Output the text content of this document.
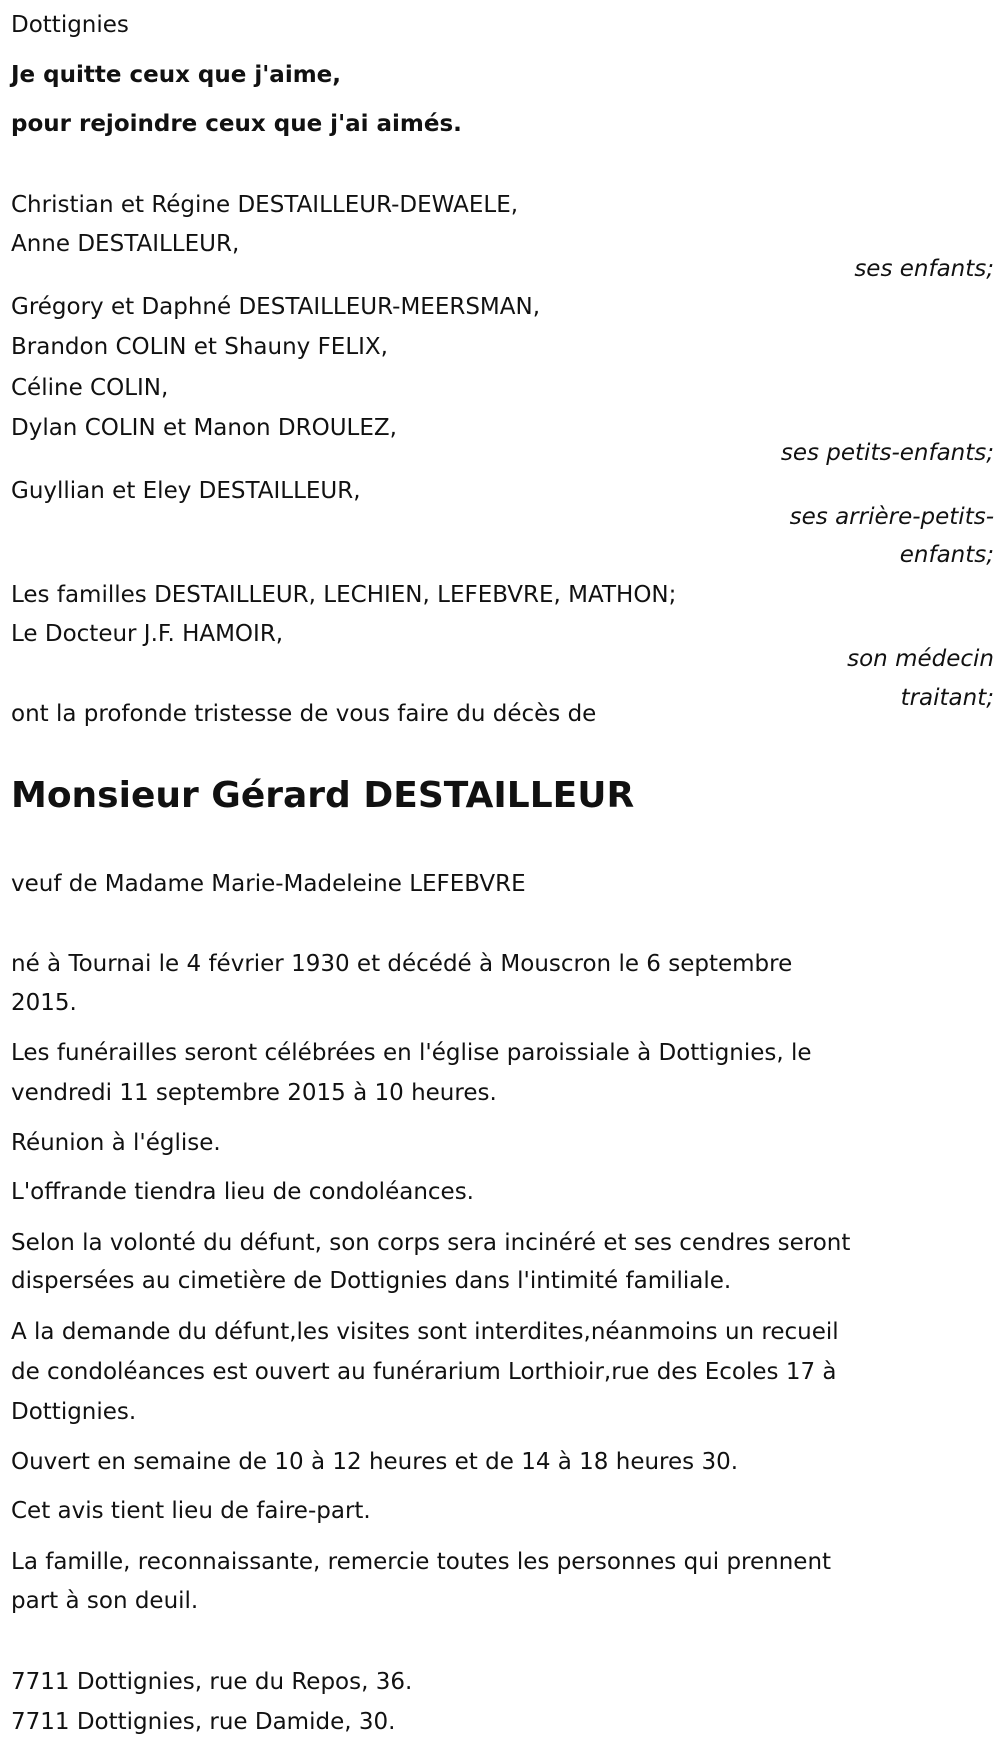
Dottignies
Je quitte ceux que j'aime,
pour rejoindre ceux que j'ai aimés.
Christian et Régine DESTAILLEUR-DEWAELE,
Anne DESTAILLEUR,
ses enfants;
Grégory et Daphné DESTAILLEUR-MEERSMAN,
Brandon COLIN et Shauny FELIX,
Céline COLIN,
Dylan COLIN et Manon DROULEZ,
ses petits-enfants;
Guyllian et Eley DESTAILLEUR,
ses arrière-petits-
enfants;
Les familles DESTAILLEUR, LECHIEN, LEFEBVRE, MATHON;
Le Docteur J.F. HAMOIR,
son médecin
traitant;
ont la profonde tristesse de vous faire du décès de
Monsieur Gérard DESTAILLEUR
veuf de Madame Marie-Madeleine LEFEBVRE
né à Tournai le 4 février 1930 et décédé à Mouscron le 6 septembre
2015.
Les funérailles seront célébrées en l'église paroissiale à Dottignies, le
vendredi 11 septembre 2015 à 10 heures.
Réunion à l'église.
L'offrande tiendra lieu de condoléances.
Selon la volonté du défunt, son corps sera incinéré et ses cendres seront
dispersées au cimetière de Dottignies dans l'intimité familiale.
A la demande du défunt,les visites sont interdites,néanmoins un recueil
de condoléances est ouvert au funérarium Lorthioir,rue des Ecoles 17 à
Dottignies.
Ouvert en semaine de 10 à 12 heures et de 14 à 18 heures 30.
Cet avis tient lieu de faire-part.
La famille, reconnaissante, remercie toutes les personnes qui prennent
part à son deuil.
7711 Dottignies, rue du Repos, 36.
7711 Dottignies, rue Damide, 30.
